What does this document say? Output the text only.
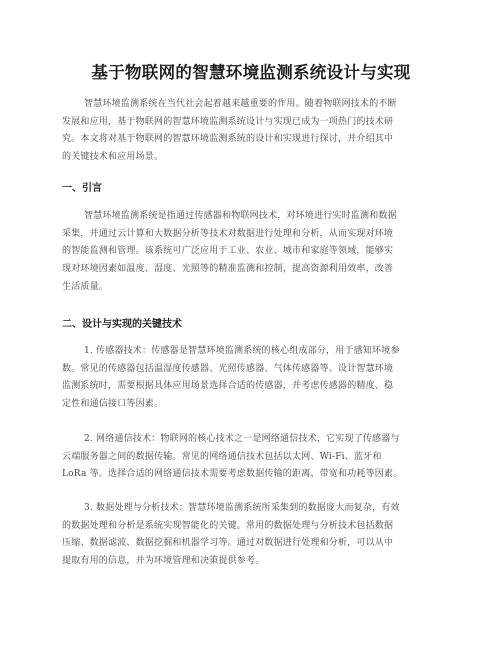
基于物联网的智慧环境监测系统设计与实现
智慧环境监测系统在当代社会起着越来越重要的作用。随着物联网技术的不断
发展和应用，基于物联网的智慧环境监测系统设计与实现已成为一项热门的技术研
究。本文将对基于物联网的智慧环境监测系统的设计和实现进行探讨，并介绍其中
的关键技术和应用场景。
一、引言
智慧环境监测系统是指通过传感器和物联网技术，对环境进行实时监测和数据
采集，并通过云计算和大数据分析等技术对数据进行处理和分析，从而实现对环境
的智能监测和管理。该系统可广泛应用于工业、农业、城市和家庭等领域，能够实
现对环境因素如温度、湿度、光照等的精准监测和控制，提高资源利用效率，改善
生活质量。
二、设计与实现的关键技术
1. 传感器技术：传感器是智慧环境监测系统的核心组成部分，用于感知环境参
数。常见的传感器包括温湿度传感器、光照传感器、气体传感器等。设计智慧环境
监测系统时，需要根据具体应用场景选择合适的传感器，并考虑传感器的精度、稳
定性和通信接口等因素。
2. 网络通信技术：物联网的核心技术之一是网络通信技术，它实现了传感器与
云端服务器之间的数据传输。常见的网络通信技术包括以太网、Wi-Fi、蓝牙和
LoRa 等。选择合适的网络通信技术需要考虑数据传输的距离、带宽和功耗等因素。
3. 数据处理与分析技术：智慧环境监测系统所采集到的数据庞大而复杂，有效
的数据处理和分析是系统实现智能化的关键。常用的数据处理与分析技术包括数据
压缩、数据滤波、数据挖掘和机器学习等。通过对数据进行处理和分析，可以从中
提取有用的信息，并为环境管理和决策提供参考。
